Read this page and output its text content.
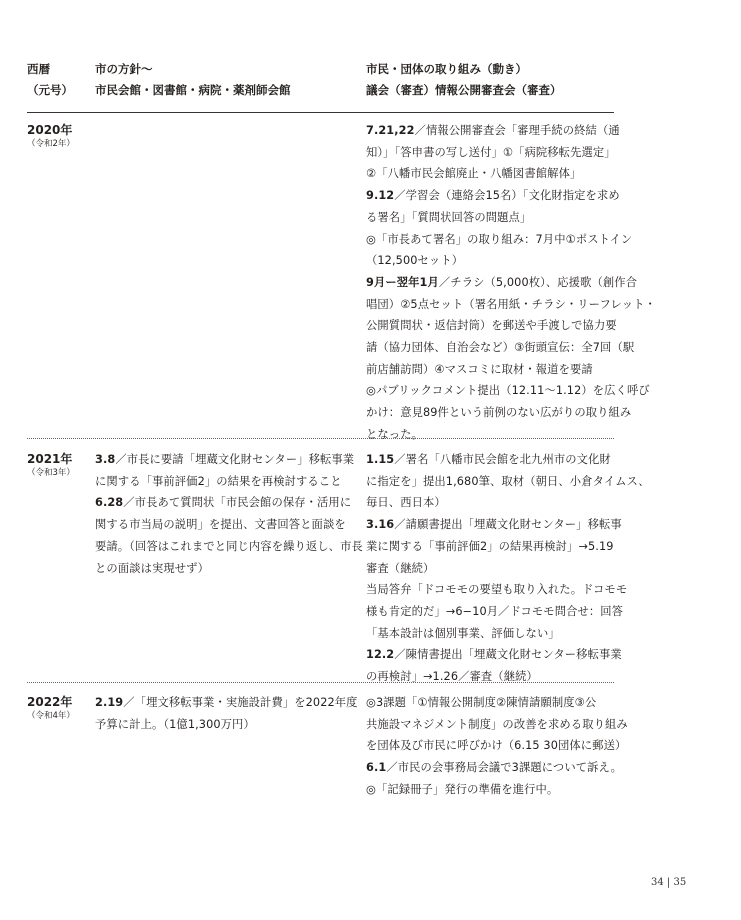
西暦
（元号）
市の方針〜
市民会館・図書館・病院・薬剤師会館
市民・団体の取り組み（動き）
議会（審査）情報公開審査会（審査）
2020年
（令和2年）
7.21,22／情報公開審査会「審理手続の終結（通
知）」「答申書の写し送付」①「病院移転先選定」
②「八幡市民会館廃止・八幡図書館解体」
9.12／学習会（連絡会15名）「文化財指定を求め
る署名」「質問状回答の問題点」
◎「市長あて署名」の取り組み：7月中①ポストイン
（12,500セット）
9月ー翌年1月／チラシ（5,000枚）、応援歌（創作合
唱団）②5点セット（署名用紙・チラシ・リーフレット・
公開質問状・返信封筒）を郵送や手渡しで協力要
請（協力団体、自治会など）③街頭宣伝：全7回（駅
前店舗訪問）④マスコミに取材・報道を要請
◎パブリックコメント提出（12.11〜1.12）を広く呼び
かけ：意見89件という前例のない広がりの取り組み
となった。
2021年
（令和3年）
3.8／市長に要請「埋蔵文化財センター」移転事業
に関する「事前評価2」の結果を再検討すること
6.28／市長あて質問状「市民会館の保存・活用に
関する市当局の説明」を提出、文書回答と面談を
要請。（回答はこれまでと同じ内容を繰り返し、市長
との面談は実現せず）
1.15／署名「八幡市民会館を北九州市の文化財
に指定を」提出1,680筆、取材（朝日、小倉タイムス、
毎日、西日本）
3.16／請願書提出「埋蔵文化財センター」移転事
業に関する「事前評価2」の結果再検討」→5.19
審査（継続）
当局答弁「ドコモモの要望も取り入れた。ドコモモ
様も肯定的だ」→6−10月／ドコモモ問合せ：回答
「基本設計は個別事業、評価しない」
12.2／陳情書提出「埋蔵文化財センター移転事業
の再検討」→1.26／審査（継続）
2022年
（令和4年）
2.19／「埋文移転事業・実施設計費」を2022年度
予算に計上。（1億1,300万円）
◎3課題「①情報公開制度②陳情請願制度③公
共施設マネジメント制度」の改善を求める取り組み
を団体及び市民に呼びかけ（6.15 30団体に郵送）
6.1／市民の会事務局会議で3課題について訴え。
◎「記録冊子」発行の準備を進行中。
34 | 35
